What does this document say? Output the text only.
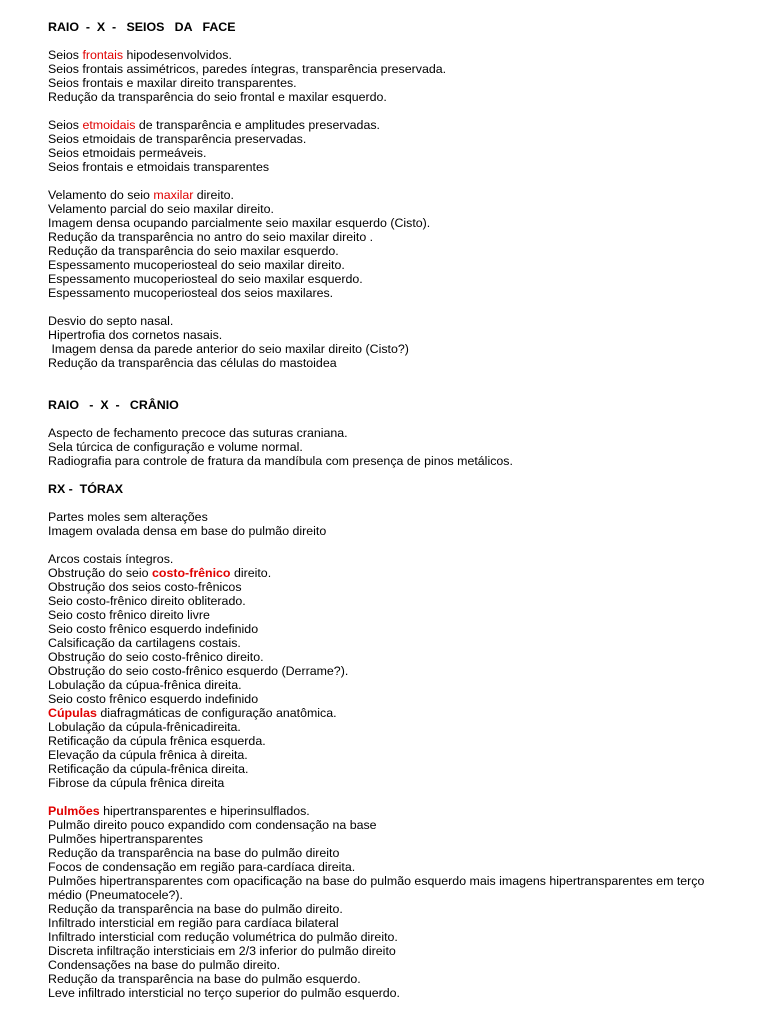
RAIO  -  X  -   SEIOS   DA   FACE

Seios frontais hipodesenvolvidos.

Seios frontais assimétricos, paredes íntegras, transparência preservada.

Seios frontais e maxilar direito transparentes.

Redução da transparência do seio frontal e maxilar esquerdo.

Seios etmoidais de transparência e amplitudes preservadas.

Seios etmoidais de transparência preservadas.

Seios etmoidais permeáveis.

Seios frontais e etmoidais transparentes

Velamento do seio maxilar direito.

Velamento parcial do seio maxilar direito.

Imagem densa ocupando parcialmente seio maxilar esquerdo (Cisto).

Redução da transparência no antro do seio maxilar direito .

Redução da transparência do seio maxilar esquerdo.

Espessamento mucoperiosteal do seio maxilar direito.

Espessamento mucoperiosteal do seio maxilar esquerdo.

Espessamento mucoperiosteal dos seios maxilares.

Desvio do septo nasal.

Hipertrofia dos cornetos nasais.

Imagem densa da parede anterior do seio maxilar direito (Cisto?)

Redução da transparência das células do mastoidea

RAIO   -  X  -   CRÂNIO

Aspecto de fechamento precoce das suturas craniana.

Sela túrcica de configuração e volume normal.

Radiografia para controle de fratura da mandíbula com presença de pinos metálicos.

RX -  TÓRAX

Partes moles sem alterações

Imagem ovalada densa em base do pulmão direito

Arcos costais íntegros.

Obstrução do seio costo-frênico direito.

Obstrução dos seios costo-frênicos

Seio costo-frênico direito obliterado.

Seio costo frênico direito livre

Seio costo frênico esquerdo indefinido

Calsificação da cartilagens costais.

Obstrução do seio costo-frênico direito.

Obstrução do seio costo-frênico esquerdo (Derrame?).

Lobulação da cúpua-frênica direita.

Seio costo frênico esquerdo indefinido

Cúpulas diafragmáticas de configuração anatômica.

Lobulação da cúpula-frênicadireita.

Retificação da cúpula frênica esquerda.

Elevação da cúpula frênica à direita.

Retificação da cúpula-frênica direita.

Fibrose da cúpula frênica direita

Pulmões hipertransparentes e hiperinsulflados.

Pulmão direito pouco expandido com condensação na base

Pulmões hipertransparentes

Redução da transparência na base do pulmão direito

Focos de condensação em região para-cardíaca direita.

Pulmões hipertransparentes com opacificação na base do pulmão esquerdo mais imagens hipertransparentes em terço médio (Pneumatocele?).

Redução da transparência na base do pulmão direito.

Infiltrado intersticial em região para cardíaca bilateral

Infiltrado intersticial com redução volumétrica do pulmão direito.

Discreta infiltração intersticiais em 2/3 inferior do pulmão direito

Condensações na base do pulmão direito.

Redução da transparência na base do pulmão esquerdo.

Leve infiltrado intersticial no terço superior do pulmão esquerdo.
